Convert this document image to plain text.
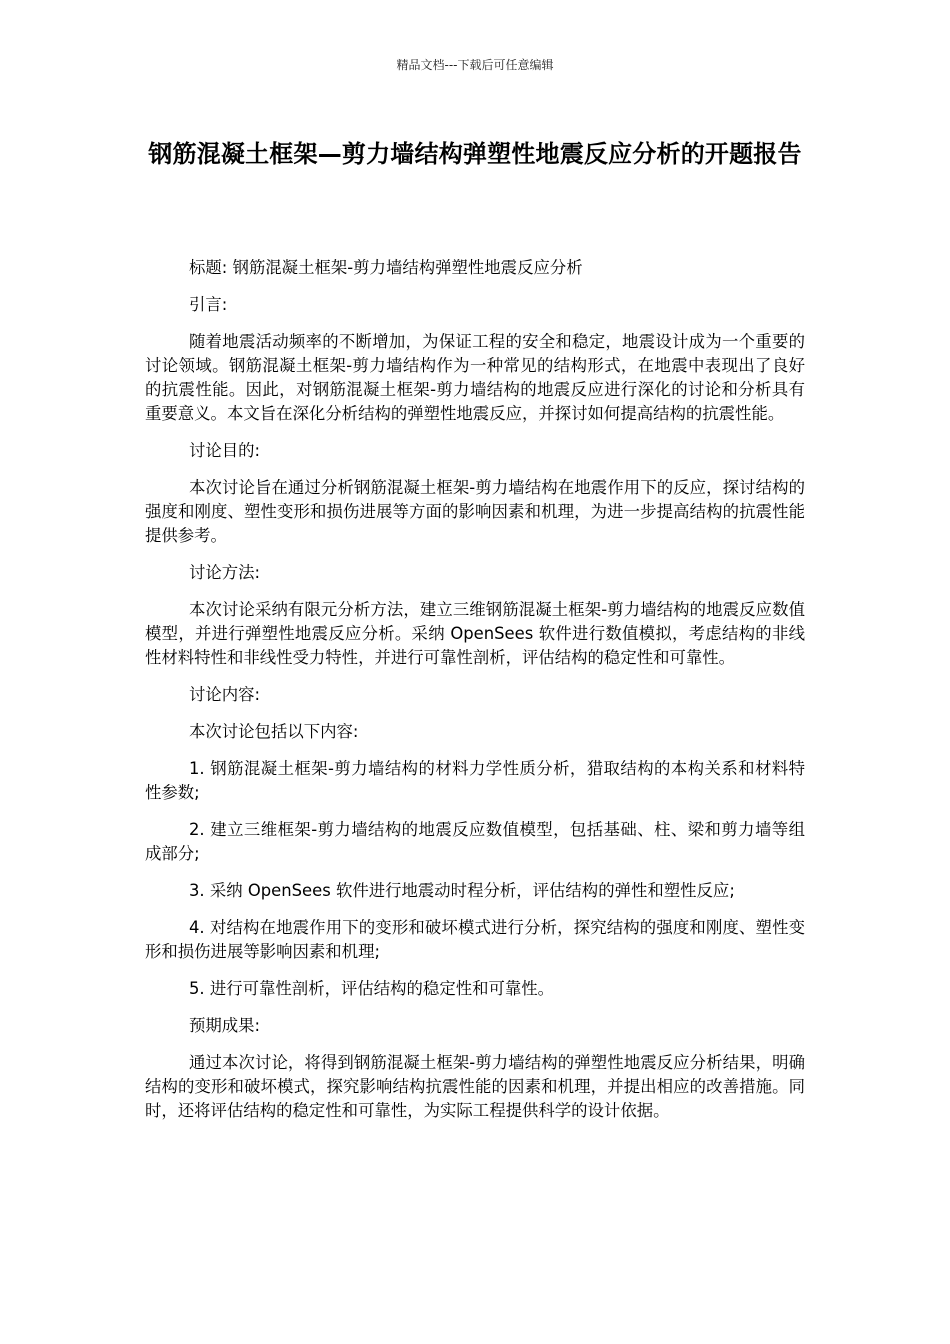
精品文档---下载后可任意编辑
钢筋混凝土框架—剪力墙结构弹塑性地震反应分析的开题报告

标题: 钢筋混凝土框架-剪力墙结构弹塑性地震反应分析

引言:

随着地震活动频率的不断增加，为保证工程的安全和稳定，地震设计成为一个重要的讨论领域。钢筋混凝土框架-剪力墙结构作为一种常见的结构形式，在地震中表现出了良好的抗震性能。因此，对钢筋混凝土框架-剪力墙结构的地震反应进行深化的讨论和分析具有重要意义。本文旨在深化分析结构的弹塑性地震反应，并探讨如何提高结构的抗震性能。

讨论目的:

本次讨论旨在通过分析钢筋混凝土框架-剪力墙结构在地震作用下的反应，探讨结构的强度和刚度、塑性变形和损伤进展等方面的影响因素和机理，为进一步提高结构的抗震性能提供参考。

讨论方法:

本次讨论采纳有限元分析方法，建立三维钢筋混凝土框架-剪力墙结构的地震反应数值模型，并进行弹塑性地震反应分析。采纳 OpenSees 软件进行数值模拟，考虑结构的非线性材料特性和非线性受力特性，并进行可靠性剖析，评估结构的稳定性和可靠性。

讨论内容:

本次讨论包括以下内容:

1. 钢筋混凝土框架-剪力墙结构的材料力学性质分析，猎取结构的本构关系和材料特性参数;

2. 建立三维框架-剪力墙结构的地震反应数值模型，包括基础、柱、梁和剪力墙等组成部分;

3. 采纳 OpenSees 软件进行地震动时程分析，评估结构的弹性和塑性反应;

4. 对结构在地震作用下的变形和破坏模式进行分析，探究结构的强度和刚度、塑性变形和损伤进展等影响因素和机理;

5. 进行可靠性剖析，评估结构的稳定性和可靠性。

预期成果:

通过本次讨论，将得到钢筋混凝土框架-剪力墙结构的弹塑性地震反应分析结果，明确结构的变形和破坏模式，探究影响结构抗震性能的因素和机理，并提出相应的改善措施。同时，还将评估结构的稳定性和可靠性，为实际工程提供科学的设计依据。
